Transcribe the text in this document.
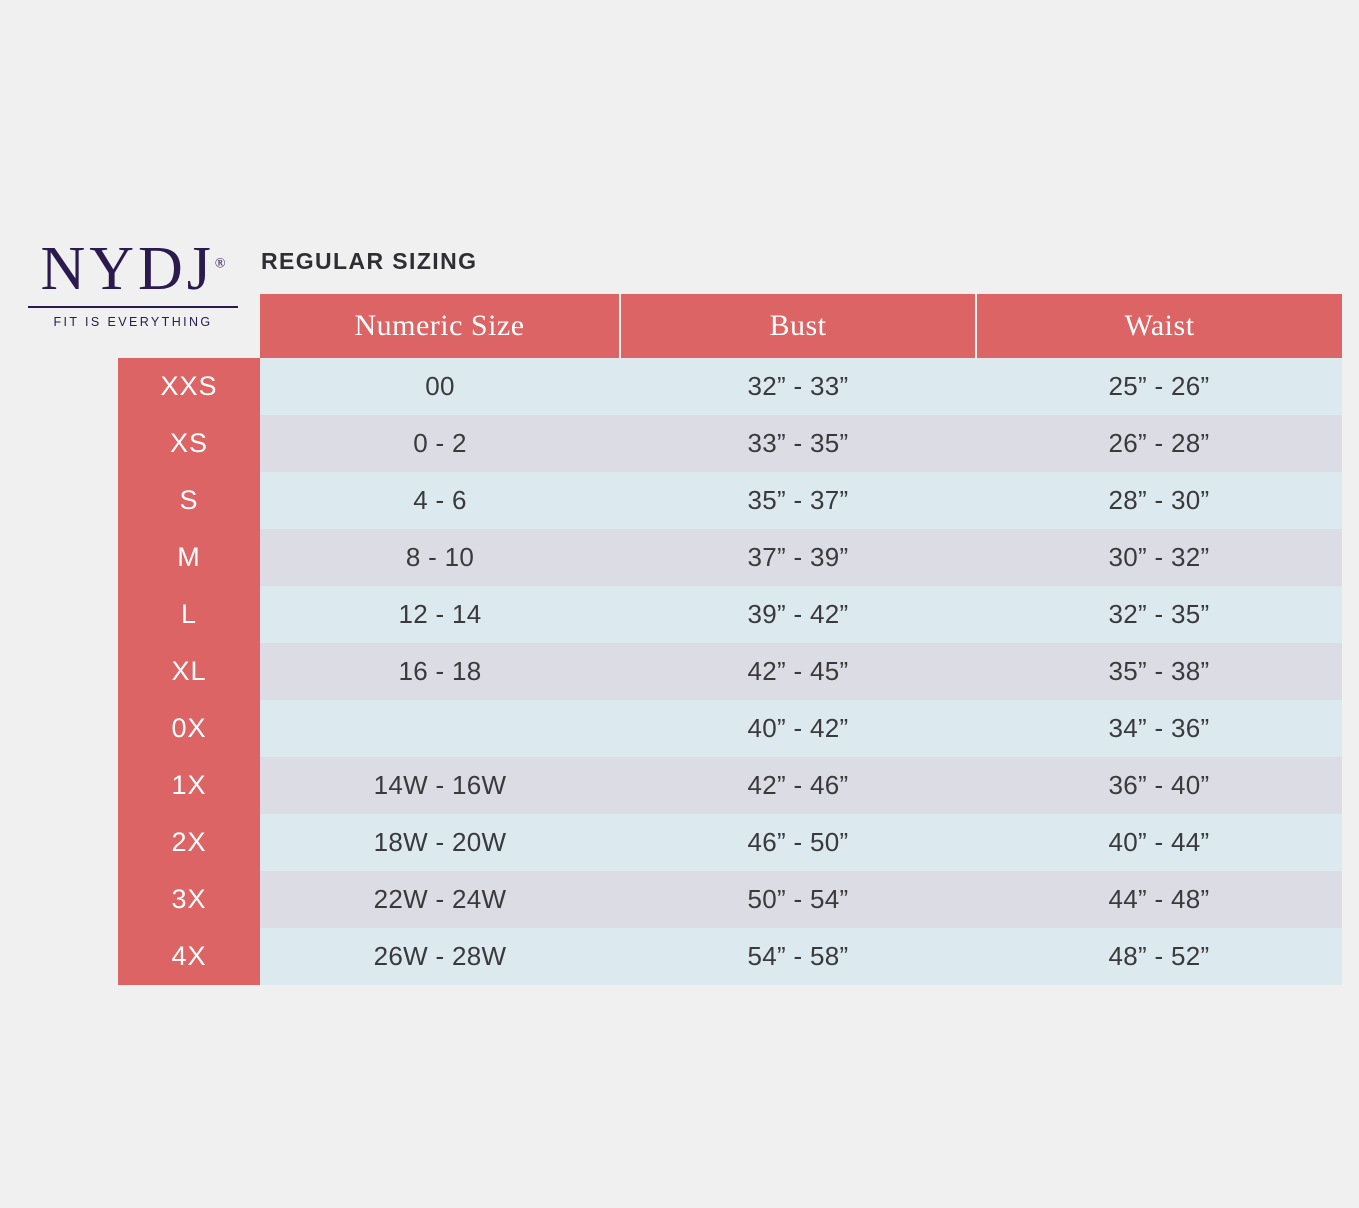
NYDJ®
FIT IS EVERYTHING
REGULAR SIZING
	Numeric Size	Bust	Waist
XXS	00	32” - 33”	25” - 26”
XS	0 - 2	33” - 35”	26” - 28”
S	4 - 6	35” - 37”	28” - 30”
M	8 - 10	37” - 39”	30” - 32”
L	12 - 14	39” - 42”	32” - 35”
XL	16 - 18	42” - 45”	35” - 38”
0X		40” - 42”	34” - 36”
1X	14W - 16W	42” - 46”	36” - 40”
2X	18W - 20W	46” - 50”	40” - 44”
3X	22W - 24W	50” - 54”	44” - 48”
4X	26W - 28W	54” - 58”	48” - 52”
